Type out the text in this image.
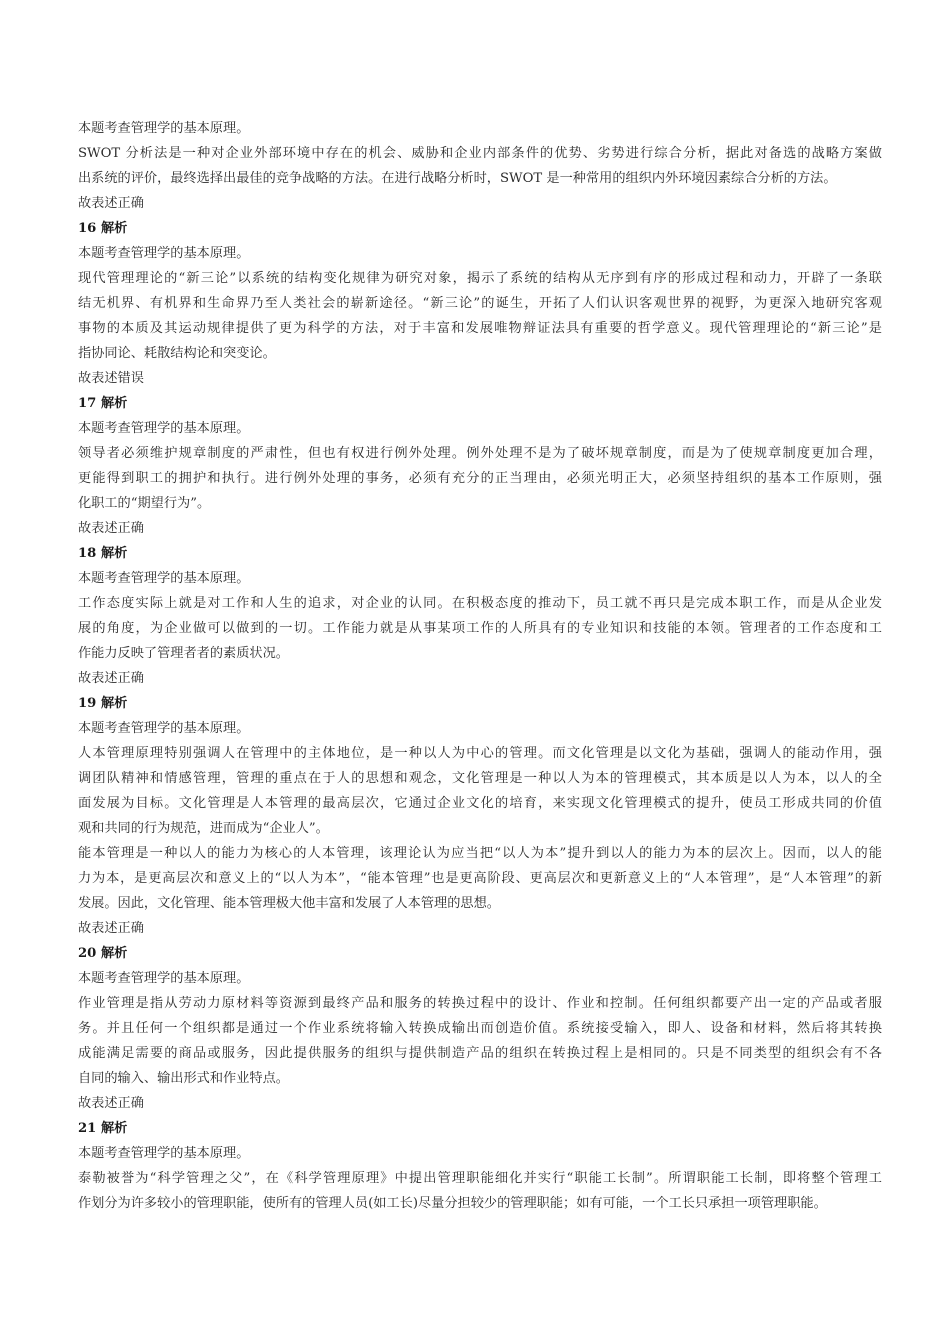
本题考查管理学的基本原理。
SWOT 分析法是一种对企业外部环境中存在的机会、威胁和企业内部条件的优势、劣势进行综合分析，据此对备选的战略方案做
出系统的评价，最终选择出最佳的竞争战略的方法。在进行战略分析时，SWOT 是一种常用的组织内外环境因素综合分析的方法。
故表述正确
16 解析
本题考查管理学的基本原理。
现代管理理论的“新三论”以系统的结构变化规律为研究对象，揭示了系统的结构从无序到有序的形成过程和动力，开辟了一条联
结无机界、有机界和生命界乃至人类社会的崭新途径。“新三论”的诞生，开拓了人们认识客观世界的视野，为更深入地研究客观
事物的本质及其运动规律提供了更为科学的方法，对于丰富和发展唯物辩证法具有重要的哲学意义。现代管理理论的“新三论”是
指协同论、耗散结构论和突变论。
故表述错误
17 解析
本题考查管理学的基本原理。
领导者必须维护规章制度的严肃性，但也有权进行例外处理。例外处理不是为了破坏规章制度，而是为了使规章制度更加合理，
更能得到职工的拥护和执行。进行例外处理的事务，必须有充分的正当理由，必须光明正大，必须坚持组织的基本工作原则，强
化职工的“期望行为”。
故表述正确
18 解析
本题考查管理学的基本原理。
工作态度实际上就是对工作和人生的追求，对企业的认同。在积极态度的推动下，员工就不再只是完成本职工作，而是从企业发
展的角度，为企业做可以做到的一切。工作能力就是从事某项工作的人所具有的专业知识和技能的本领。管理者的工作态度和工
作能力反映了管理者者的素质状况。
故表述正确
19 解析
本题考查管理学的基本原理。
人本管理原理特别强调人在管理中的主体地位，是一种以人为中心的管理。而文化管理是以文化为基础，强调人的能动作用，强
调团队精神和情感管理，管理的重点在于人的思想和观念，文化管理是一种以人为本的管理模式，其本质是以人为本，以人的全
面发展为目标。文化管理是人本管理的最高层次，它通过企业文化的培育，来实现文化管理模式的提升，使员工形成共同的价值
观和共同的行为规范，进而成为“企业人”。
能本管理是一种以人的能力为核心的人本管理，该理论认为应当把“以人为本”提升到以人的能力为本的层次上。因而，以人的能
力为本，是更高层次和意义上的“以人为本”，“能本管理”也是更高阶段、更高层次和更新意义上的“人本管理”，是“人本管理”的新
发展。因此，文化管理、能本管理极大他丰富和发展了人本管理的思想。
故表述正确
20 解析
本题考查管理学的基本原理。
作业管理是指从劳动力原材料等资源到最终产品和服务的转换过程中的设计、作业和控制。任何组织都要产出一定的产品或者服
务。并且任何一个组织都是通过一个作业系统将输入转换成输出而创造价值。系统接受输入，即人、设备和材料，然后将其转换
成能满足需要的商品或服务，因此提供服务的组织与提供制造产品的组织在转换过程上是相同的。只是不同类型的组织会有不各
自同的输入、输出形式和作业特点。
故表述正确
21 解析
本题考查管理学的基本原理。
泰勒被誉为“科学管理之父”，在《科学管理原理》中提出管理职能细化并实行“职能工长制”。所谓职能工长制，即将整个管理工
作划分为许多较小的管理职能，使所有的管理人员(如工长)尽量分担较少的管理职能；如有可能，一个工长只承担一项管理职能。
